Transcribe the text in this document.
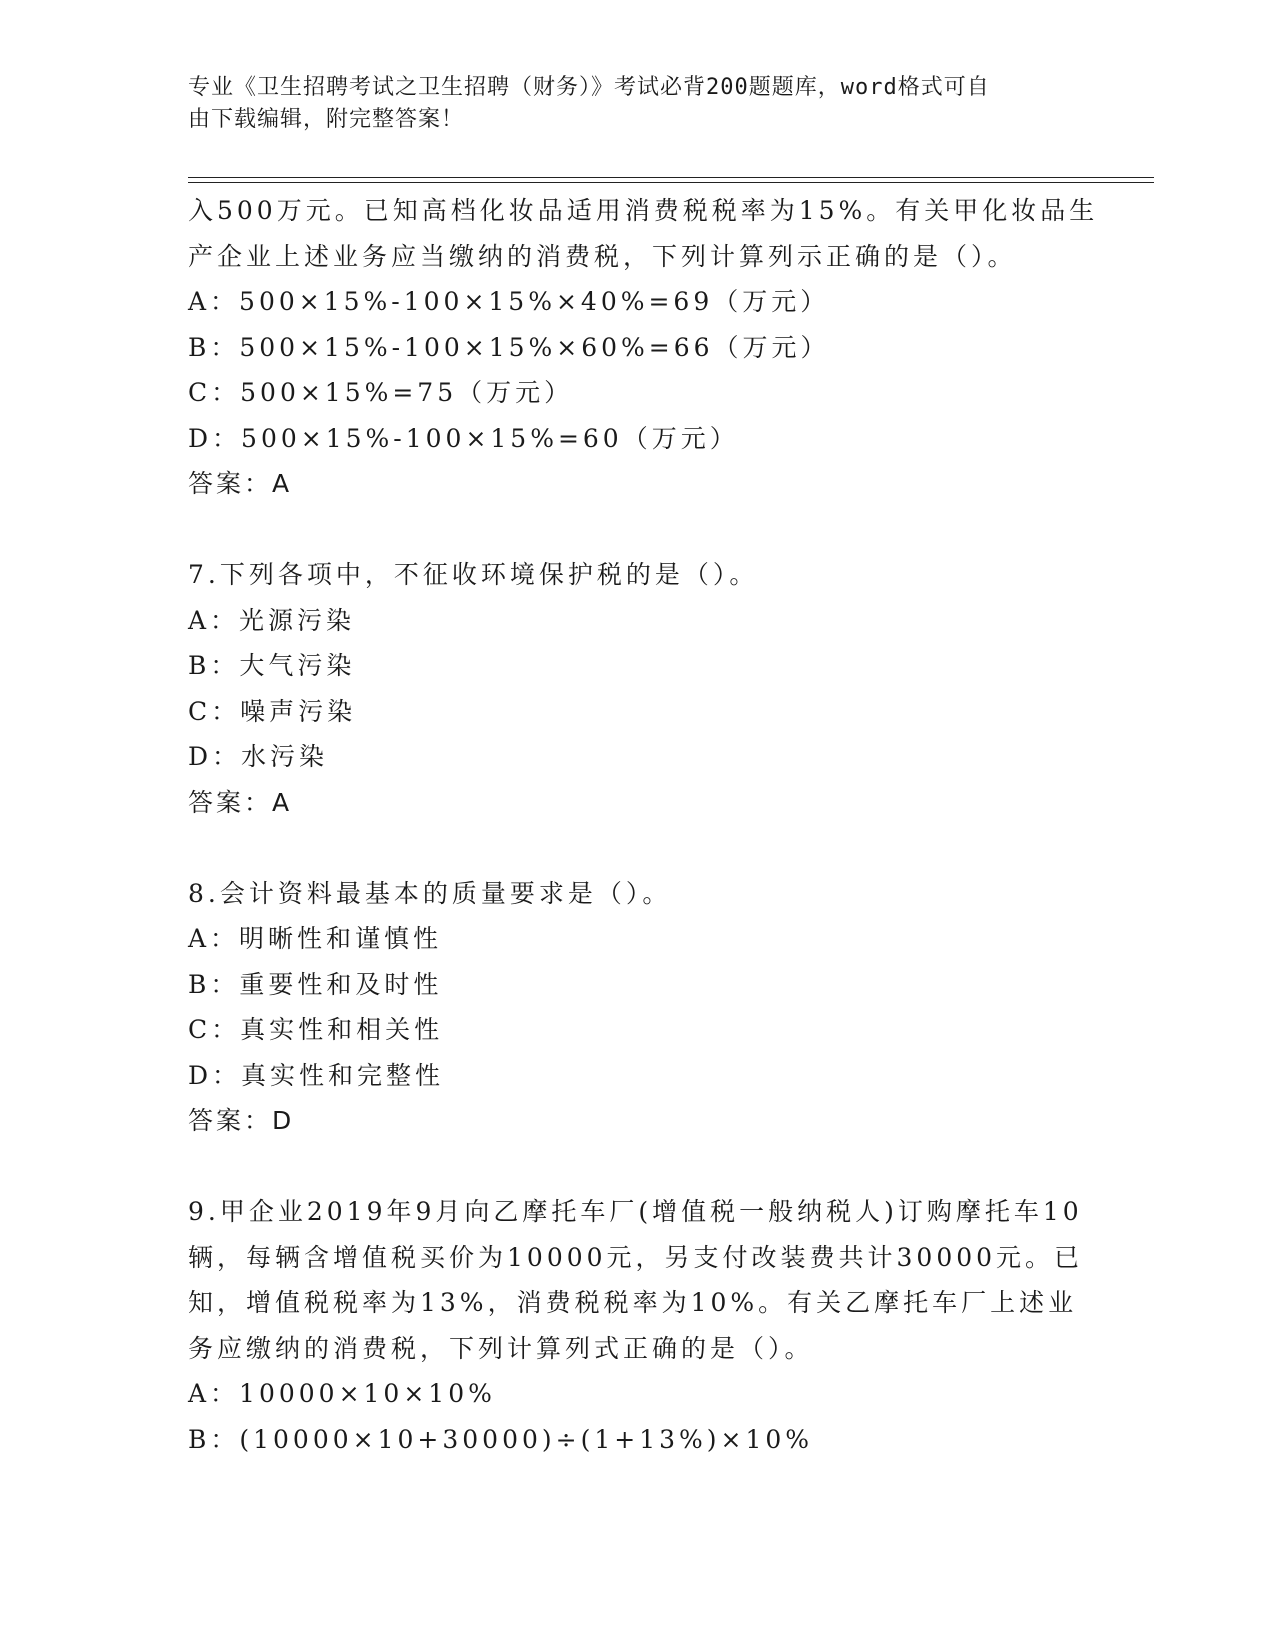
专业《卫生招聘考试之卫生招聘（财务）》考试必背200题题库，word格式可自
由下载编辑，附完整答案！
入500万元。已知高档化妆品适用消费税税率为15%。有关甲化妆品生
产企业上述业务应当缴纳的消费税，下列计算列示正确的是（）。
A：500×15%-100×15%×40%=69（万元）
B：500×15%-100×15%×60%=66（万元）
C：500×15%=75（万元）
D：500×15%-100×15%=60（万元）
答案：A
7.下列各项中，不征收环境保护税的是（）。
A：光源污染
B：大气污染
C：噪声污染
D：水污染
答案：A
8.会计资料最基本的质量要求是（）。
A：明晰性和谨慎性
B：重要性和及时性
C：真实性和相关性
D：真实性和完整性
答案：D
9.甲企业2019年9月向乙摩托车厂(增值税一般纳税人)订购摩托车10
辆，每辆含增值税买价为10000元，另支付改装费共计30000元。已
知，增值税税率为13%，消费税税率为10%。有关乙摩托车厂上述业
务应缴纳的消费税，下列计算列式正确的是（）。
A：10000×10×10%
B：(10000×10+30000)÷(1+13%)×10%
